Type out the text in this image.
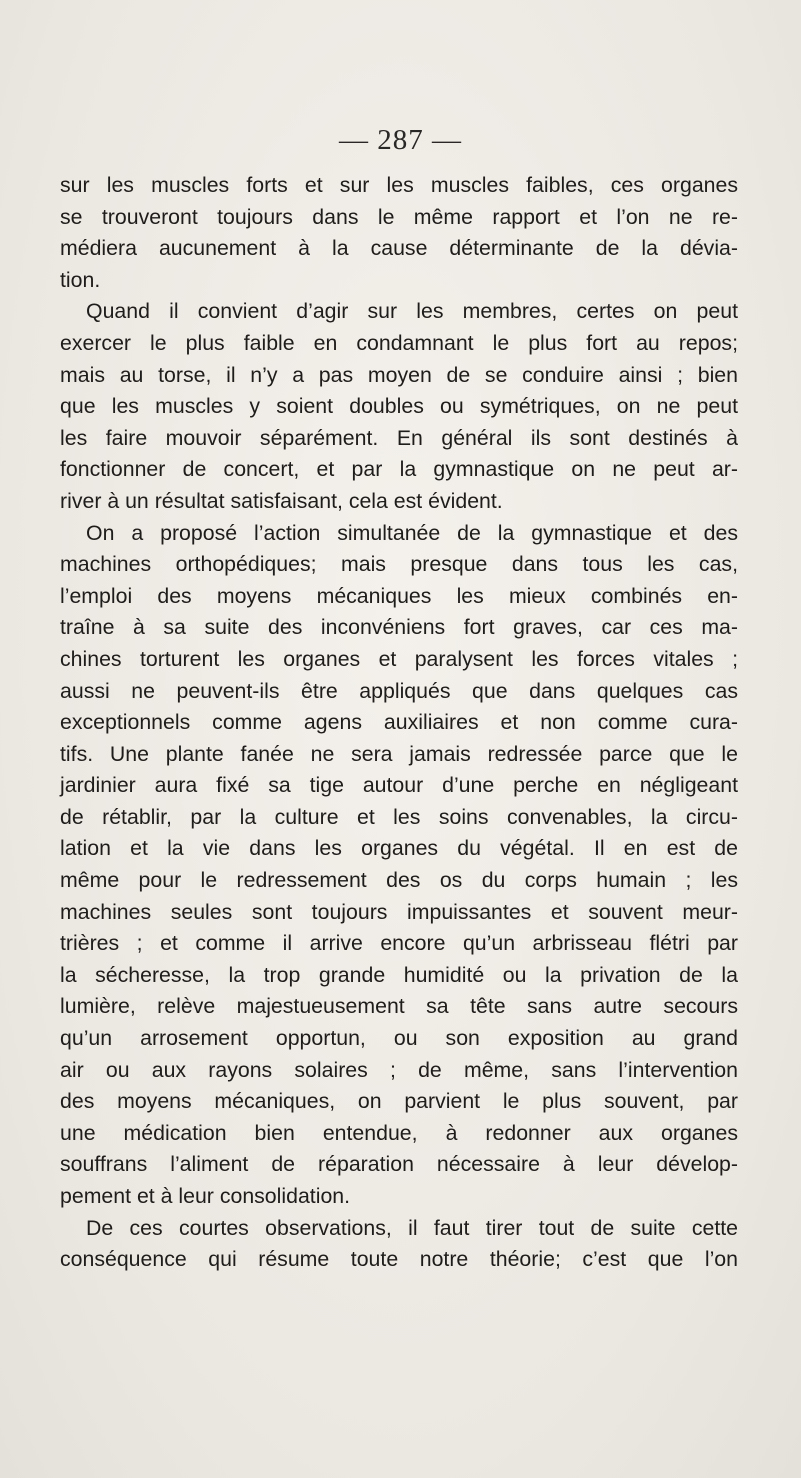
— 287 —
sur les muscles forts et sur les muscles faibles, ces organes
se trouveront toujours dans le même rapport et l’on ne re-
médiera aucunement à la cause déterminante de la dévia-
tion.
Quand il convient d’agir sur les membres, certes on peut
exercer le plus faible en condamnant le plus fort au repos;
mais au torse, il n’y a pas moyen de se conduire ainsi ; bien
que les muscles y soient doubles ou symétriques, on ne peut
les faire mouvoir séparément. En général ils sont destinés à
fonctionner de concert, et par la gymnastique on ne peut ar-
river à un résultat satisfaisant, cela est évident.
On a proposé l’action simultanée de la gymnastique et des
machines orthopédiques; mais presque dans tous les cas,
l’emploi des moyens mécaniques les mieux combinés en-
traîne à sa suite des inconvéniens fort graves, car ces ma-
chines torturent les organes et paralysent les forces vitales ;
aussi ne peuvent-ils être appliqués que dans quelques cas
exceptionnels comme agens auxiliaires et non comme cura-
tifs. Une plante fanée ne sera jamais redressée parce que le
jardinier aura fixé sa tige autour d’une perche en négligeant
de rétablir, par la culture et les soins convenables, la circu-
lation et la vie dans les organes du végétal. Il en est de
même pour le redressement des os du corps humain ; les
machines seules sont toujours impuissantes et souvent meur-
trières ; et comme il arrive encore qu’un arbrisseau flétri par
la sécheresse, la trop grande humidité ou la privation de la
lumière, relève majestueusement sa tête sans autre secours
qu’un arrosement opportun, ou son exposition au grand
air ou aux rayons solaires ; de même, sans l’intervention
des moyens mécaniques, on parvient le plus souvent, par
une médication bien entendue, à redonner aux organes
souffrans l’aliment de réparation nécessaire à leur dévelop-
pement et à leur consolidation.
De ces courtes observations, il faut tirer tout de suite cette
conséquence qui résume toute notre théorie; c’est que l’on
